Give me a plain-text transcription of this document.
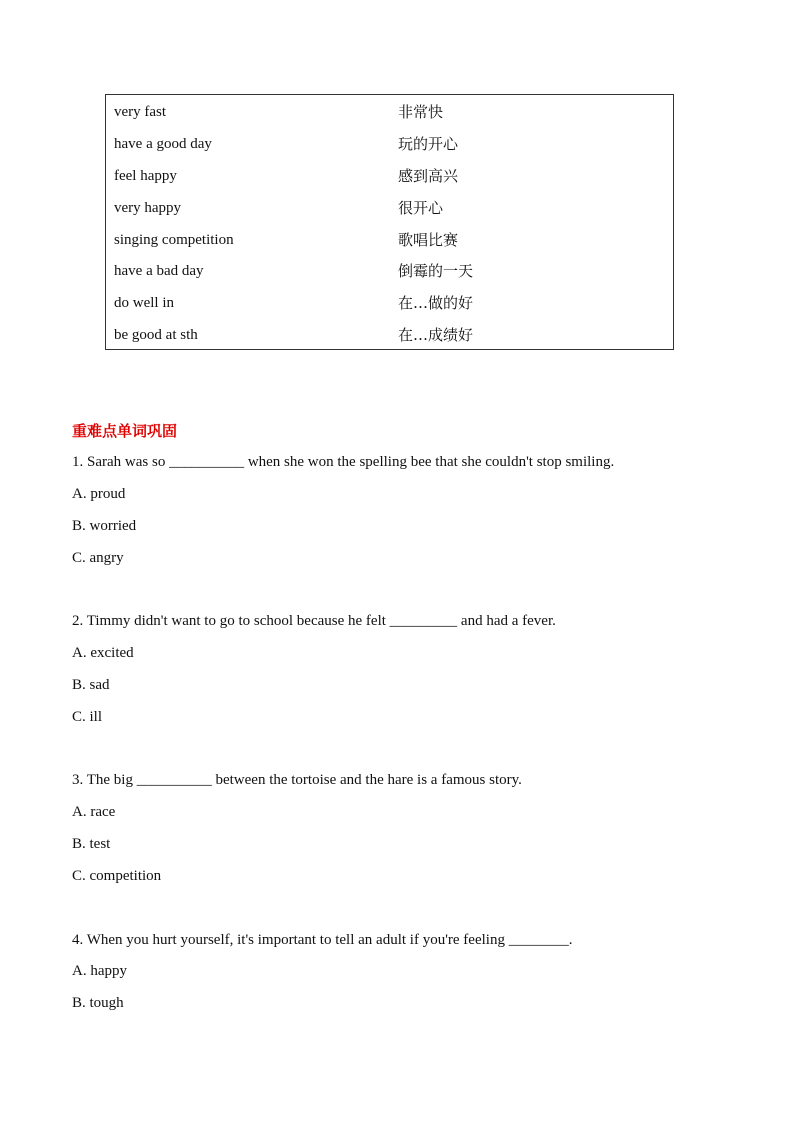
very fast	非常快
have a good day	玩的开心
feel happy	感到高兴
very happy	很开心
singing competition	歌唱比赛
have a bad day	倒霉的一天
do well in	在…做的好
be good at sth	在…成绩好
重难点单词巩固
1. Sarah was so __________ when she won the spelling bee that she couldn't stop smiling.
A. proud
B. worried
C. angry
2. Timmy didn't want to go to school because he felt _________ and had a fever.
A. excited
B. sad
C. ill
3. The big __________ between the tortoise and the hare is a famous story.
A. race
B. test
C. competition
4. When you hurt yourself, it's important to tell an adult if you're feeling ________.
A. happy
B. tough
